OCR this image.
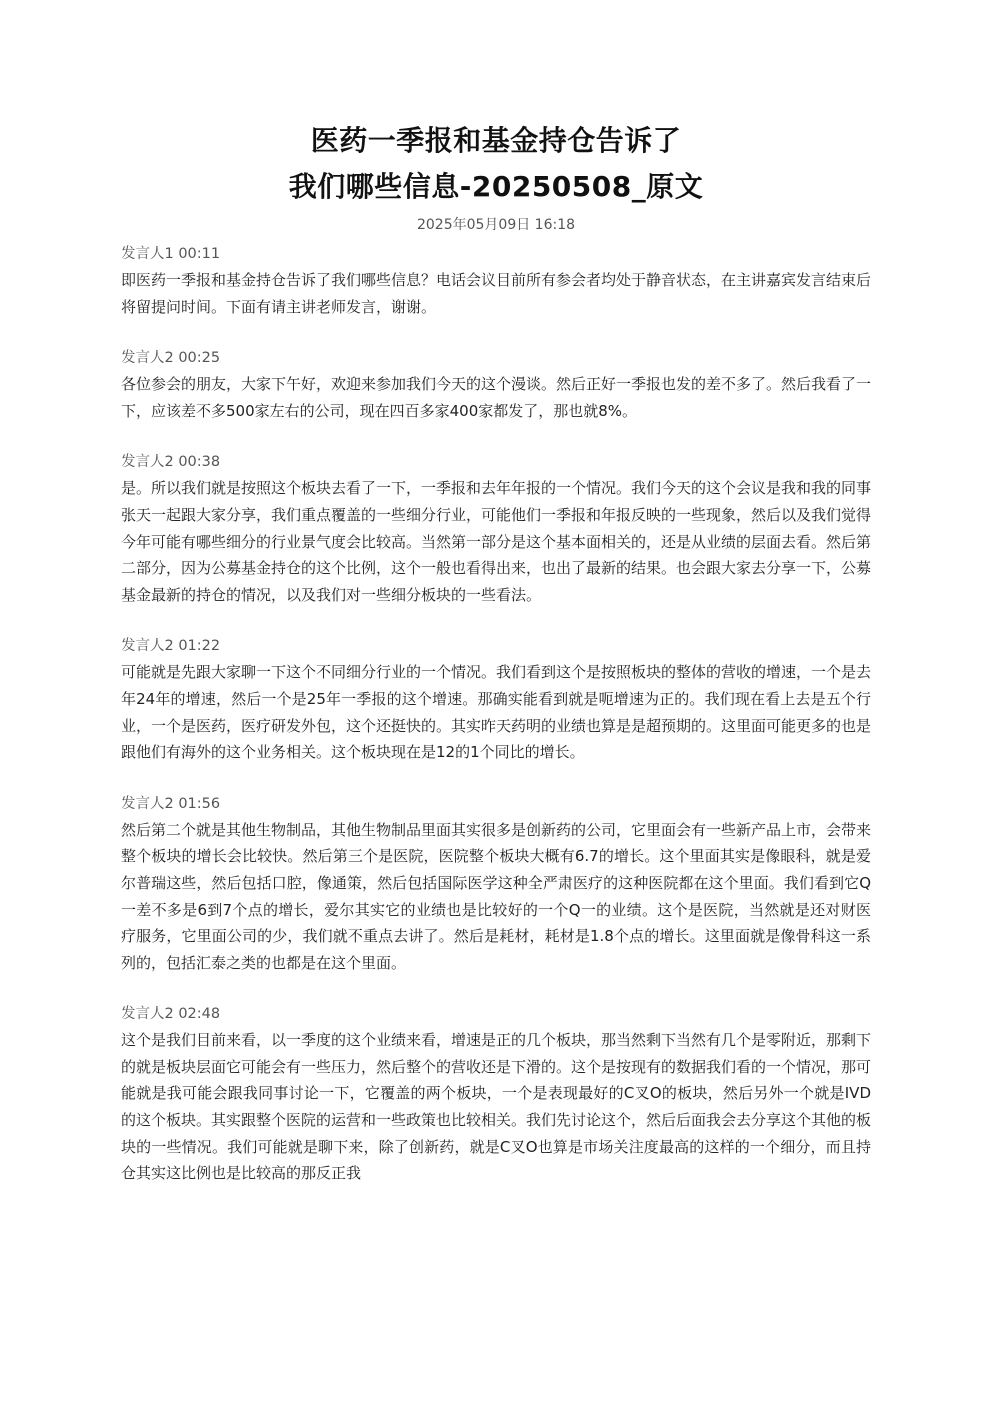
医药一季报和基金持仓告诉了
我们哪些信息-20250508_原文
2025年05月09日 16:18
发言人1 00:11
即医药一季报和基金持仓告诉了我们哪些信息？电话会议目前所有参会者均处于静音状态，在主讲嘉宾发言结束后将留提问时间。下面有请主讲老师发言，谢谢。
发言人2 00:25
各位参会的朋友，大家下午好，欢迎来参加我们今天的这个漫谈。然后正好一季报也发的差不多了。然后我看了一下，应该差不多500家左右的公司，现在四百多家400家都发了，那也就8%。
发言人2 00:38
是。所以我们就是按照这个板块去看了一下，一季报和去年年报的一个情况。我们今天的这个会议是我和我的同事张天一起跟大家分享，我们重点覆盖的一些细分行业，可能他们一季报和年报反映的一些现象，然后以及我们觉得今年可能有哪些细分的行业景气度会比较高。当然第一部分是这个基本面相关的，还是从业绩的层面去看。然后第二部分，因为公募基金持仓的这个比例，这个一般也看得出来，也出了最新的结果。也会跟大家去分享一下，公募基金最新的持仓的情况，以及我们对一些细分板块的一些看法。
发言人2 01:22
可能就是先跟大家聊一下这个不同细分行业的一个情况。我们看到这个是按照板块的整体的营收的增速，一个是去年24年的增速，然后一个是25年一季报的这个增速。那确实能看到就是呃增速为正的。我们现在看上去是五个行业，一个是医药，医疗研发外包，这个还挺快的。其实昨天药明的业绩也算是是超预期的。这里面可能更多的也是跟他们有海外的这个业务相关。这个板块现在是12的1个同比的增长。
发言人2 01:56
然后第二个就是其他生物制品，其他生物制品里面其实很多是创新药的公司，它里面会有一些新产品上市，会带来整个板块的增长会比较快。然后第三个是医院，医院整个板块大概有6.7的增长。这个里面其实是像眼科，就是爱尔普瑞这些，然后包括口腔，像通策，然后包括国际医学这种全严肃医疗的这种医院都在这个里面。我们看到它Q一差不多是6到7个点的增长，爱尔其实它的业绩也是比较好的一个Q一的业绩。这个是医院，当然就是还对财医疗服务，它里面公司的少，我们就不重点去讲了。然后是耗材，耗材是1.8个点的增长。这里面就是像骨科这一系列的，包括汇泰之类的也都是在这个里面。
发言人2 02:48
这个是我们目前来看，以一季度的这个业绩来看，增速是正的几个板块，那当然剩下当然有几个是零附近，那剩下的就是板块层面它可能会有一些压力，然后整个的营收还是下滑的。这个是按现有的数据我们看的一个情况，那可能就是我可能会跟我同事讨论一下，它覆盖的两个板块，一个是表现最好的C叉O的板块，然后另外一个就是IVD的这个板块。其实跟整个医院的运营和一些政策也比较相关。我们先讨论这个，然后后面我会去分享这个其他的板块的一些情况。我们可能就是聊下来，除了创新药，就是C叉O也算是市场关注度最高的这样的一个细分，而且持仓其实这比例也是比较高的那反正我
